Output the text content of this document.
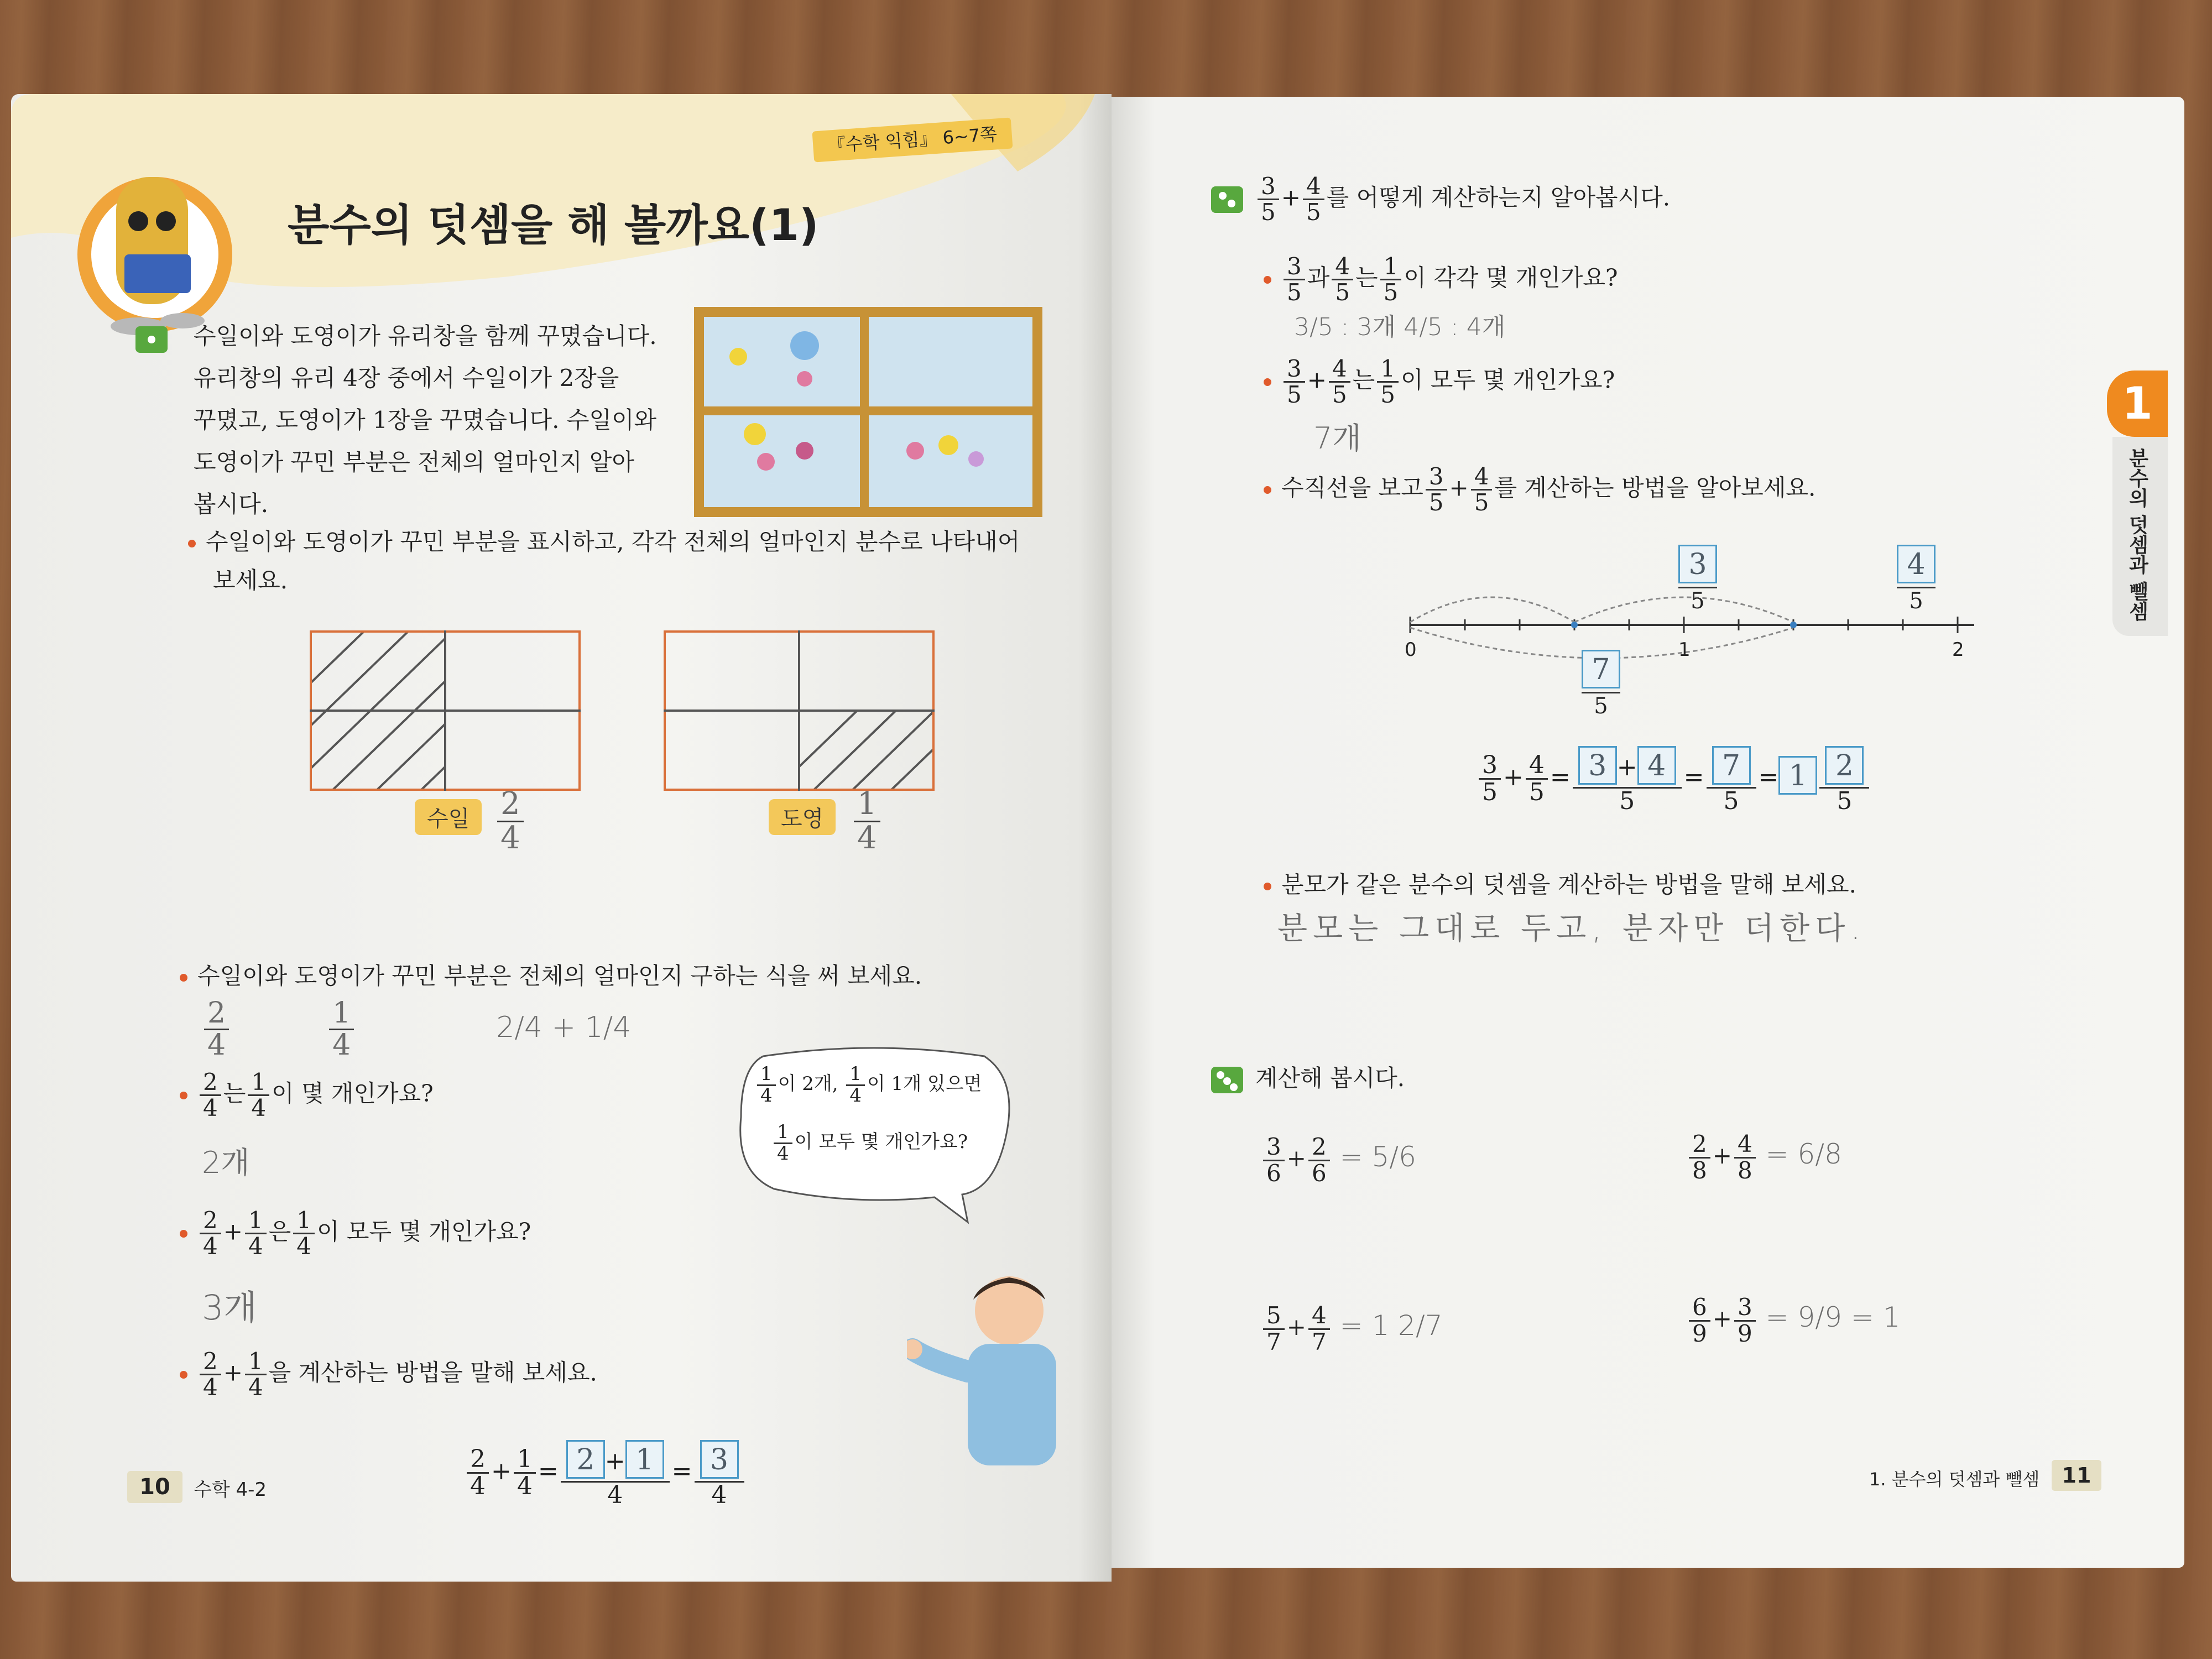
『수학 익힘』 6~7쪽
분수의 덧셈을 해 볼까요(1)
수일이와 도영이가 유리창을 함께 꾸몄습니다.
유리창의 유리 4장 중에서 수일이가 2장을
꾸몄고, 도영이가 1장을 꾸몄습니다. 수일이와
도영이가 꾸민 부분은 전체의 얼마인지 알아
봅시다.
수일이와 도영이가 꾸민 부분을 표시하고, 각각 전체의 얼마인지 분수로 나타내어
보세요.
수일 $\frac{2}{4}$	도영 $\frac{1}{4}$
수일이와 도영이가 꾸민 부분은 전체의 얼마인지 구하는 식을 써 보세요.
$\frac{2}{4}$
	$\frac{1}{4}$	2/4 + 1/4
$\frac{2}{4}$ 는 $\frac{1}{4}$ 이 몇 개인가요?
2개
$\frac{2}{4} + \frac{1}{4}$ 은 $\frac{1}{4}$ 이 모두 몇 개인가요?
3개
$\frac{2}{4} + \frac{1}{4}$ 을 계산하는 방법을 말해 보세요.
$\frac{1}{4}$ 이 2개, $\frac{1}{4}$ 이 1개 있으면
$\frac{1}{4}$ 이 모두 몇 개인가요?
$\frac{2}{4} + \frac{1}{4} = \frac{2 + 1}{4} = \frac{3}{4}$
10	수학 4-2
$\frac{3}{5} + \frac{4}{5}$ 를 어떻게 계산하는지 알아봅시다.
$\frac{3}{5}$ 과 $\frac{4}{5}$ 는 $\frac{1}{5}$ 이 각각 몇 개인가요?
3/5 : 3개 4/5 : 4개
$\frac{3}{5} + \frac{4}{5}$ 는 $\frac{1}{5}$ 이 모두 몇 개인가요?
7개
수직선을 보고 $\frac{3}{5} + \frac{4}{5}$ 를 계산하는 방법을 알아보세요.
3
5
4
5
7
5
0	1	2
$\frac{3}{5} + \frac{4}{5} = \frac{3 + 4}{5} = \frac{7}{5} = 1 \frac{2}{5}$
분모가 같은 분수의 덧셈을 계산하는 방법을 말해 보세요.
분모는 그대로 두고, 분자만 더한다.
계산해 봅시다.
$\frac{3}{6} + \frac{2}{6} = 5/6$	$\frac{2}{8} + \frac{4}{8} = 6/8$
$\frac{5}{7} + \frac{4}{7} = 1$ 2/7	$\frac{6}{9} + \frac{3}{9} = 9/9 = 1$
1
분수의 덧셈과 뺄셈
1. 분수의 덧셈과 뺄셈	11
